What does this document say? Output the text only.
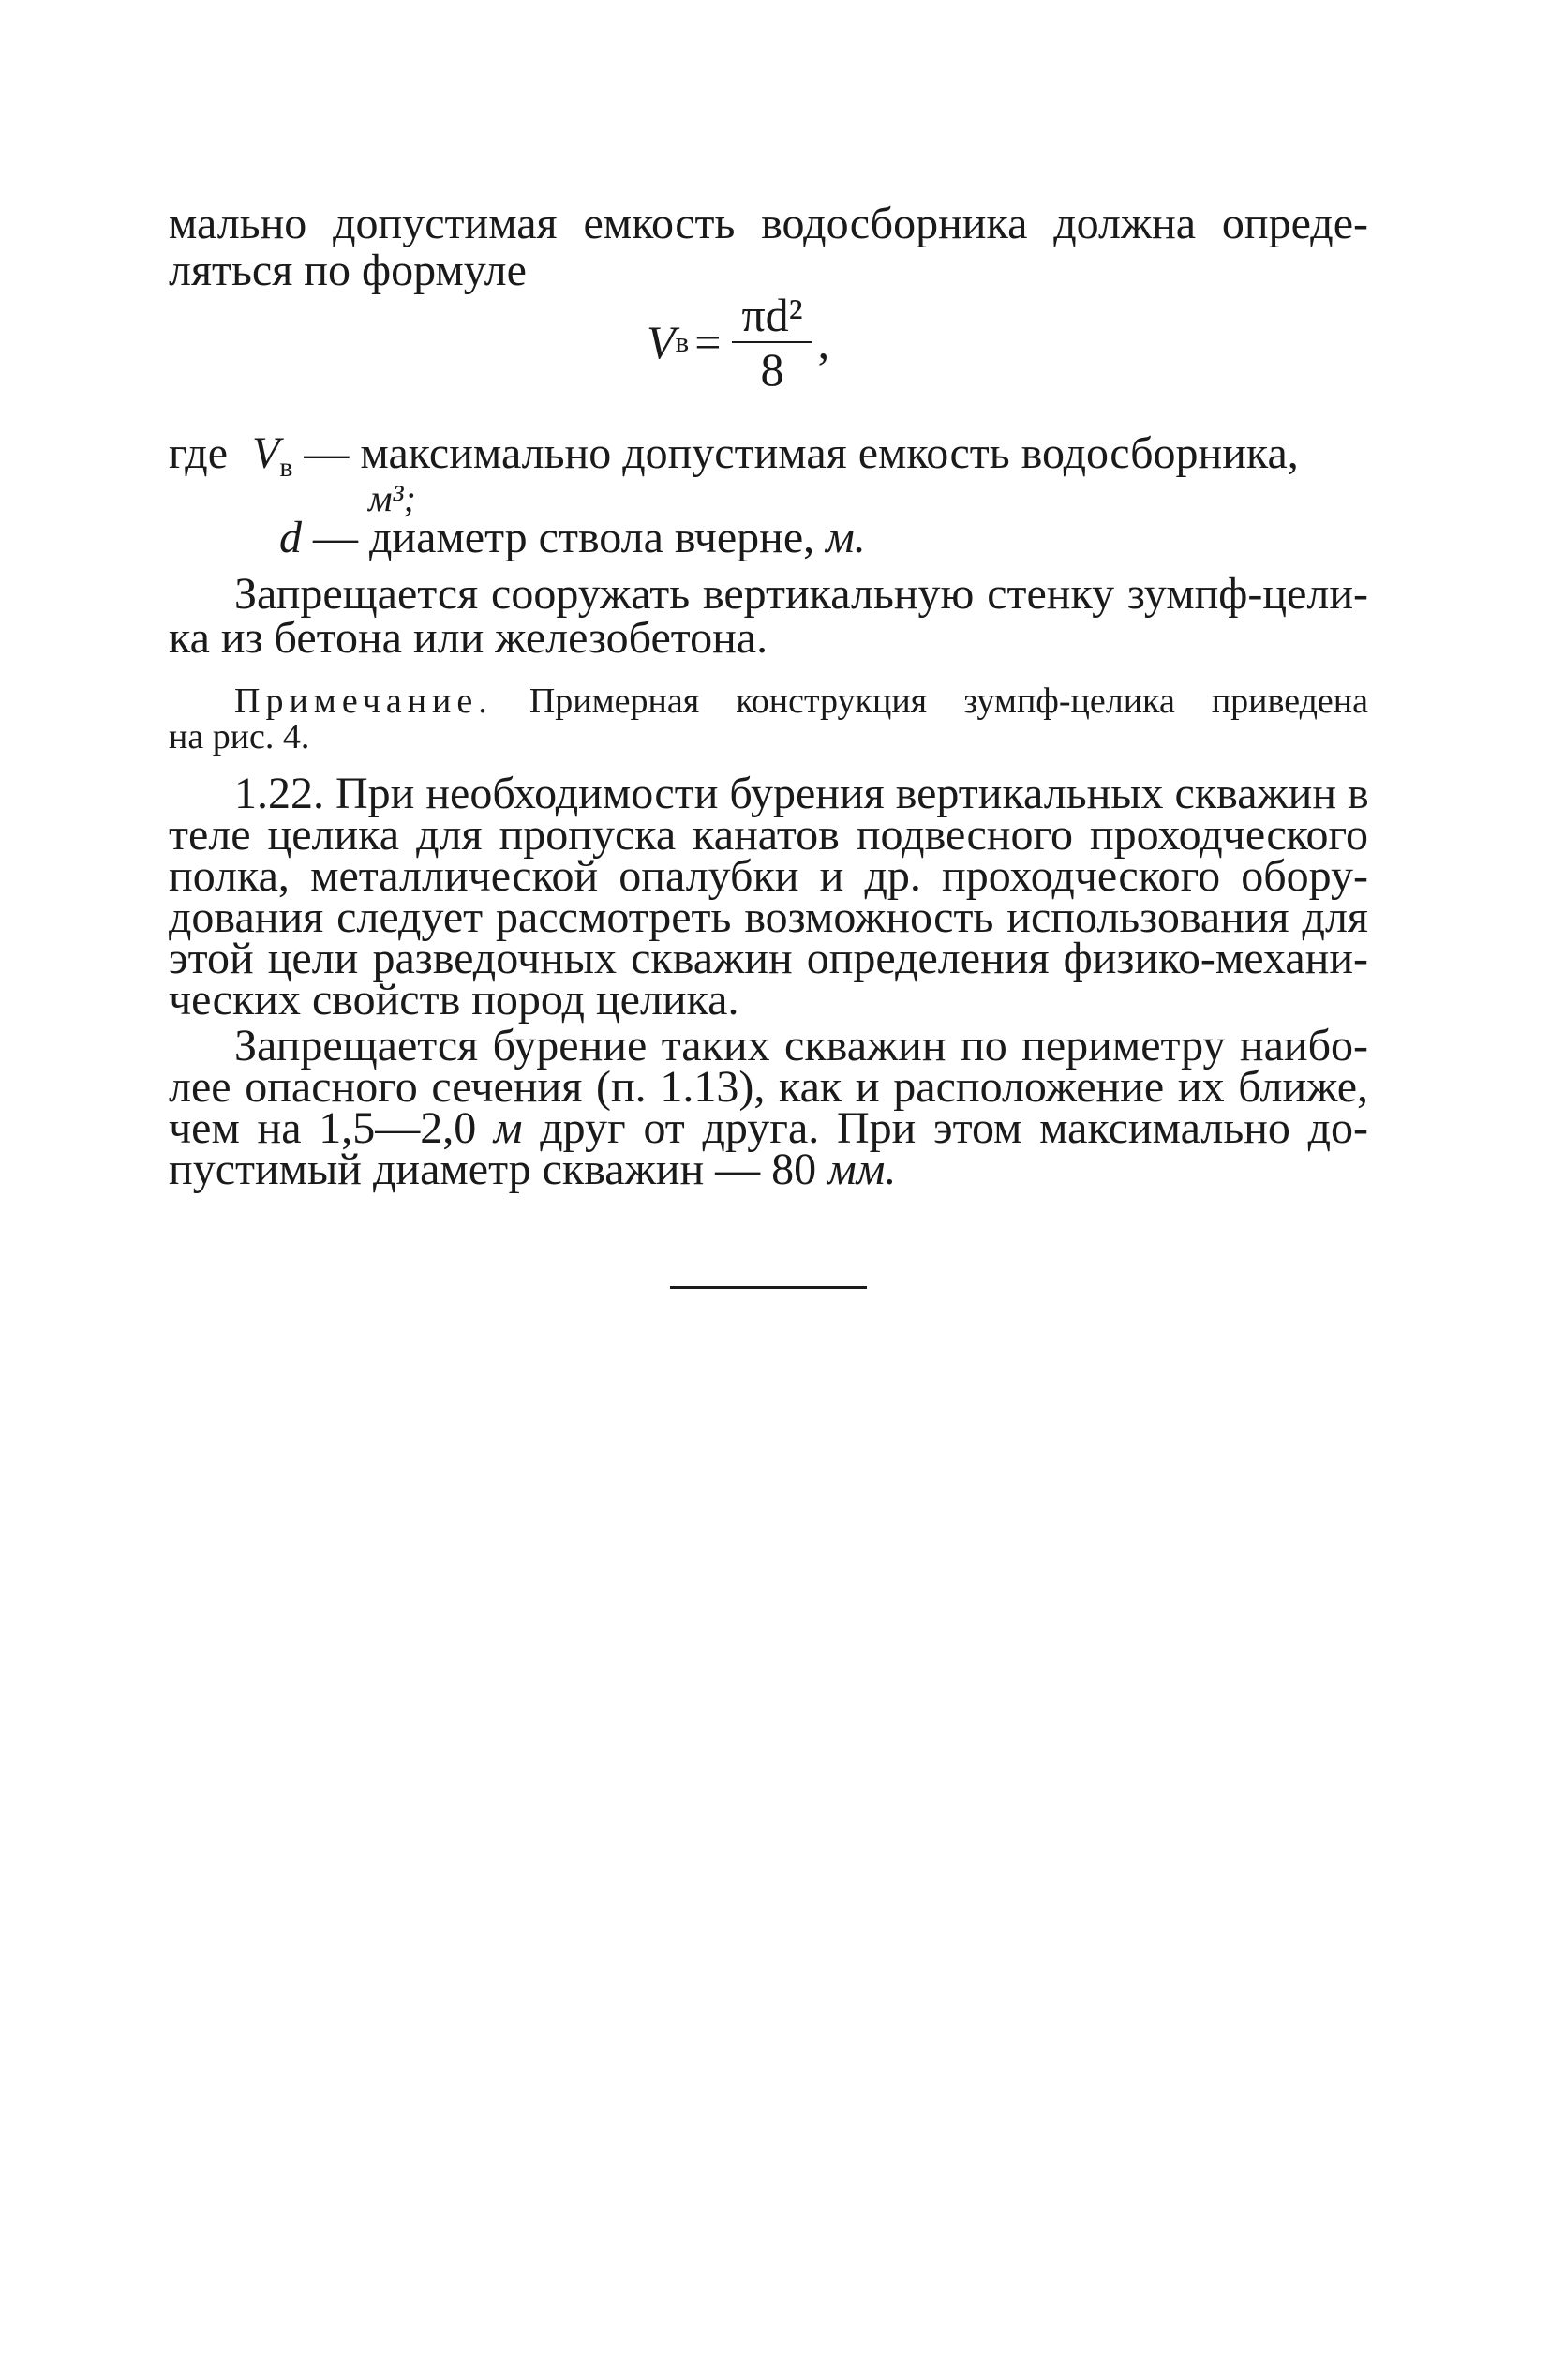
мально допустимая емкость водосборника должна опреде-
ляться по формуле
V $в = \frac{\text{πd²}}{8}$ ,
где $V_в$ — максимально допустимая емкость водосборника,
м³;
d — диаметр ствола вчерне, м.
Запрещается сооружать вертикальную стенку зумпф-цели-
ка из бетона или железобетона.
Примечание. Примерная конструкция зумпф-целика приведена
на рис. 4.
1.22. При необходимости бурения вертикальных скважин в
теле целика для пропуска канатов подвесного проходческого
полка, металлической опалубки и др. проходческого обору-
дования следует рассмотреть возможность использования для
этой цели разведочных скважин определения физико-механи-
ческих свойств пород целика.
Запрещается бурение таких скважин по периметру наибо-
лее опасного сечения (п. 1.13), как и расположение их ближе,
чем на 1,5—2,0 м друг от друга. При этом максимально до-
пустимый диаметр скважин — 80 мм.
